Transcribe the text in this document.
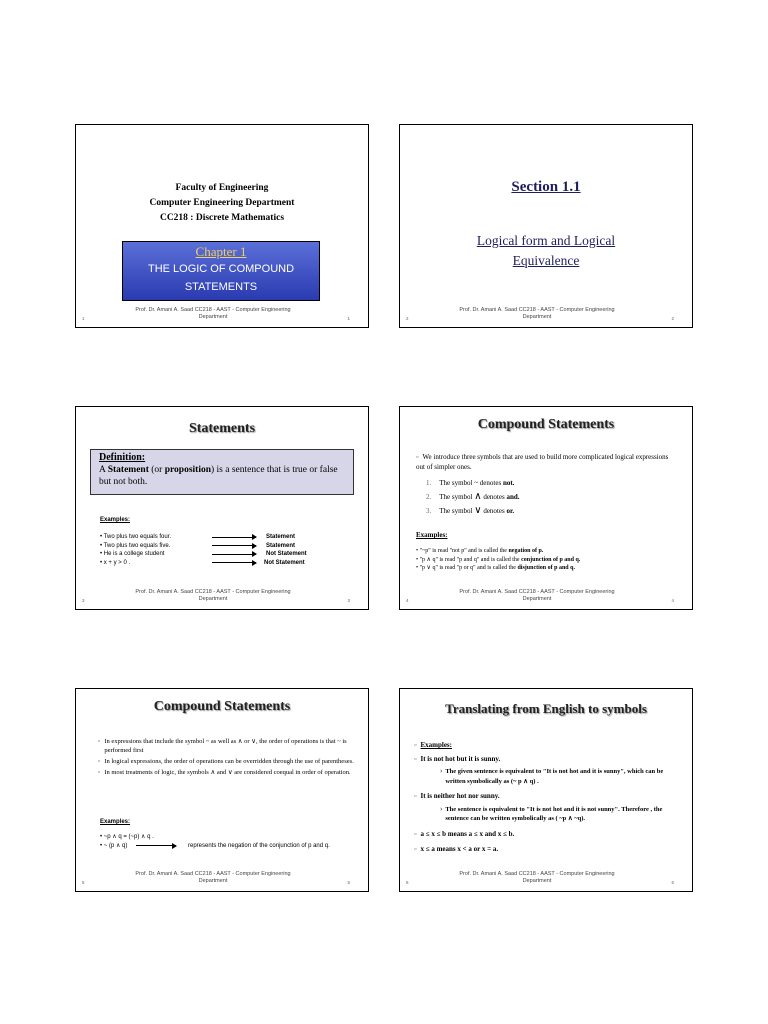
Faculty of Engineering
Computer Engineering Department
CC218 : Discrete Mathematics
Chapter 1
THE LOGIC OF COMPOUND
STATEMENTS
1
Prof. Dr. Amani A. Saad CC218 - AAST - Computer Engineering
Department	1
Section 1.1
Logical form and Logical
Equivalence
2
Prof. Dr. Amani A. Saad CC218 - AAST - Computer Engineering
Department	2
Statements
Definition:
A Statement (or proposition) is a sentence that is true or false but not both.
Examples:
• Two plus two equals four.	Statement
• Two plus two equals five.	Statement
• He is a college student	Not Statement
• x + y > 0 .	Not Statement
3
Prof. Dr. Amani A. Saad CC218 - AAST - Computer Engineering
Department	3
Compound Statements
▫ We introduce three symbols that are used to build more complicated logical expressions out of simpler ones.
1. The symbol ~ denotes not.
2. The symbol ∧ denotes and.
3. The symbol ∨ denotes or.
Examples:
• "~p" is read "not p" and is called the negation of p.
• "p ∧ q" is read "p and q" and is called the conjunction of p and q.
• "p ∨ q" is read "p or q" and is called the disjunction of p and q.
4
Prof. Dr. Amani A. Saad CC218 - AAST - Computer Engineering
Department	4
Compound Statements
▫ In expressions that include the symbol ~ as well as ∧ or ∨, the order of operations is that ~ is performed first
▫ In logical expressions, the order of operations can be overridden through the use of parentheses.
▫ In most treatments of logic, the symbols ∧ and ∨ are considered coequal in order of operation.
Examples:
• ~p ∧ q = (~p) ∧ q .
• ~ (p ∧ q)	represents the negation of the conjunction of p and q.
5
Prof. Dr. Amani A. Saad CC218 - AAST - Computer Engineering
Department	5
Translating from English to symbols
▫ Examples:
▫ It is not hot but it is sunny.
› The given sentence is equivalent to "It is not hot and it is sunny", which can be written symbolically as (~ p ∧ q) .
▫ It is neither hot nor sunny.
› The sentence is equivalent to "It is not hot and it is not sunny". Therefore , the sentence can be written symbolically as ( ~p ∧ ~q).
▫ a ≤ x ≤ b means a ≤ x and x ≤ b.
▫ x ≤ a means x < a or x = a.
6
Prof. Dr. Amani A. Saad CC218 - AAST - Computer Engineering
Department	6
